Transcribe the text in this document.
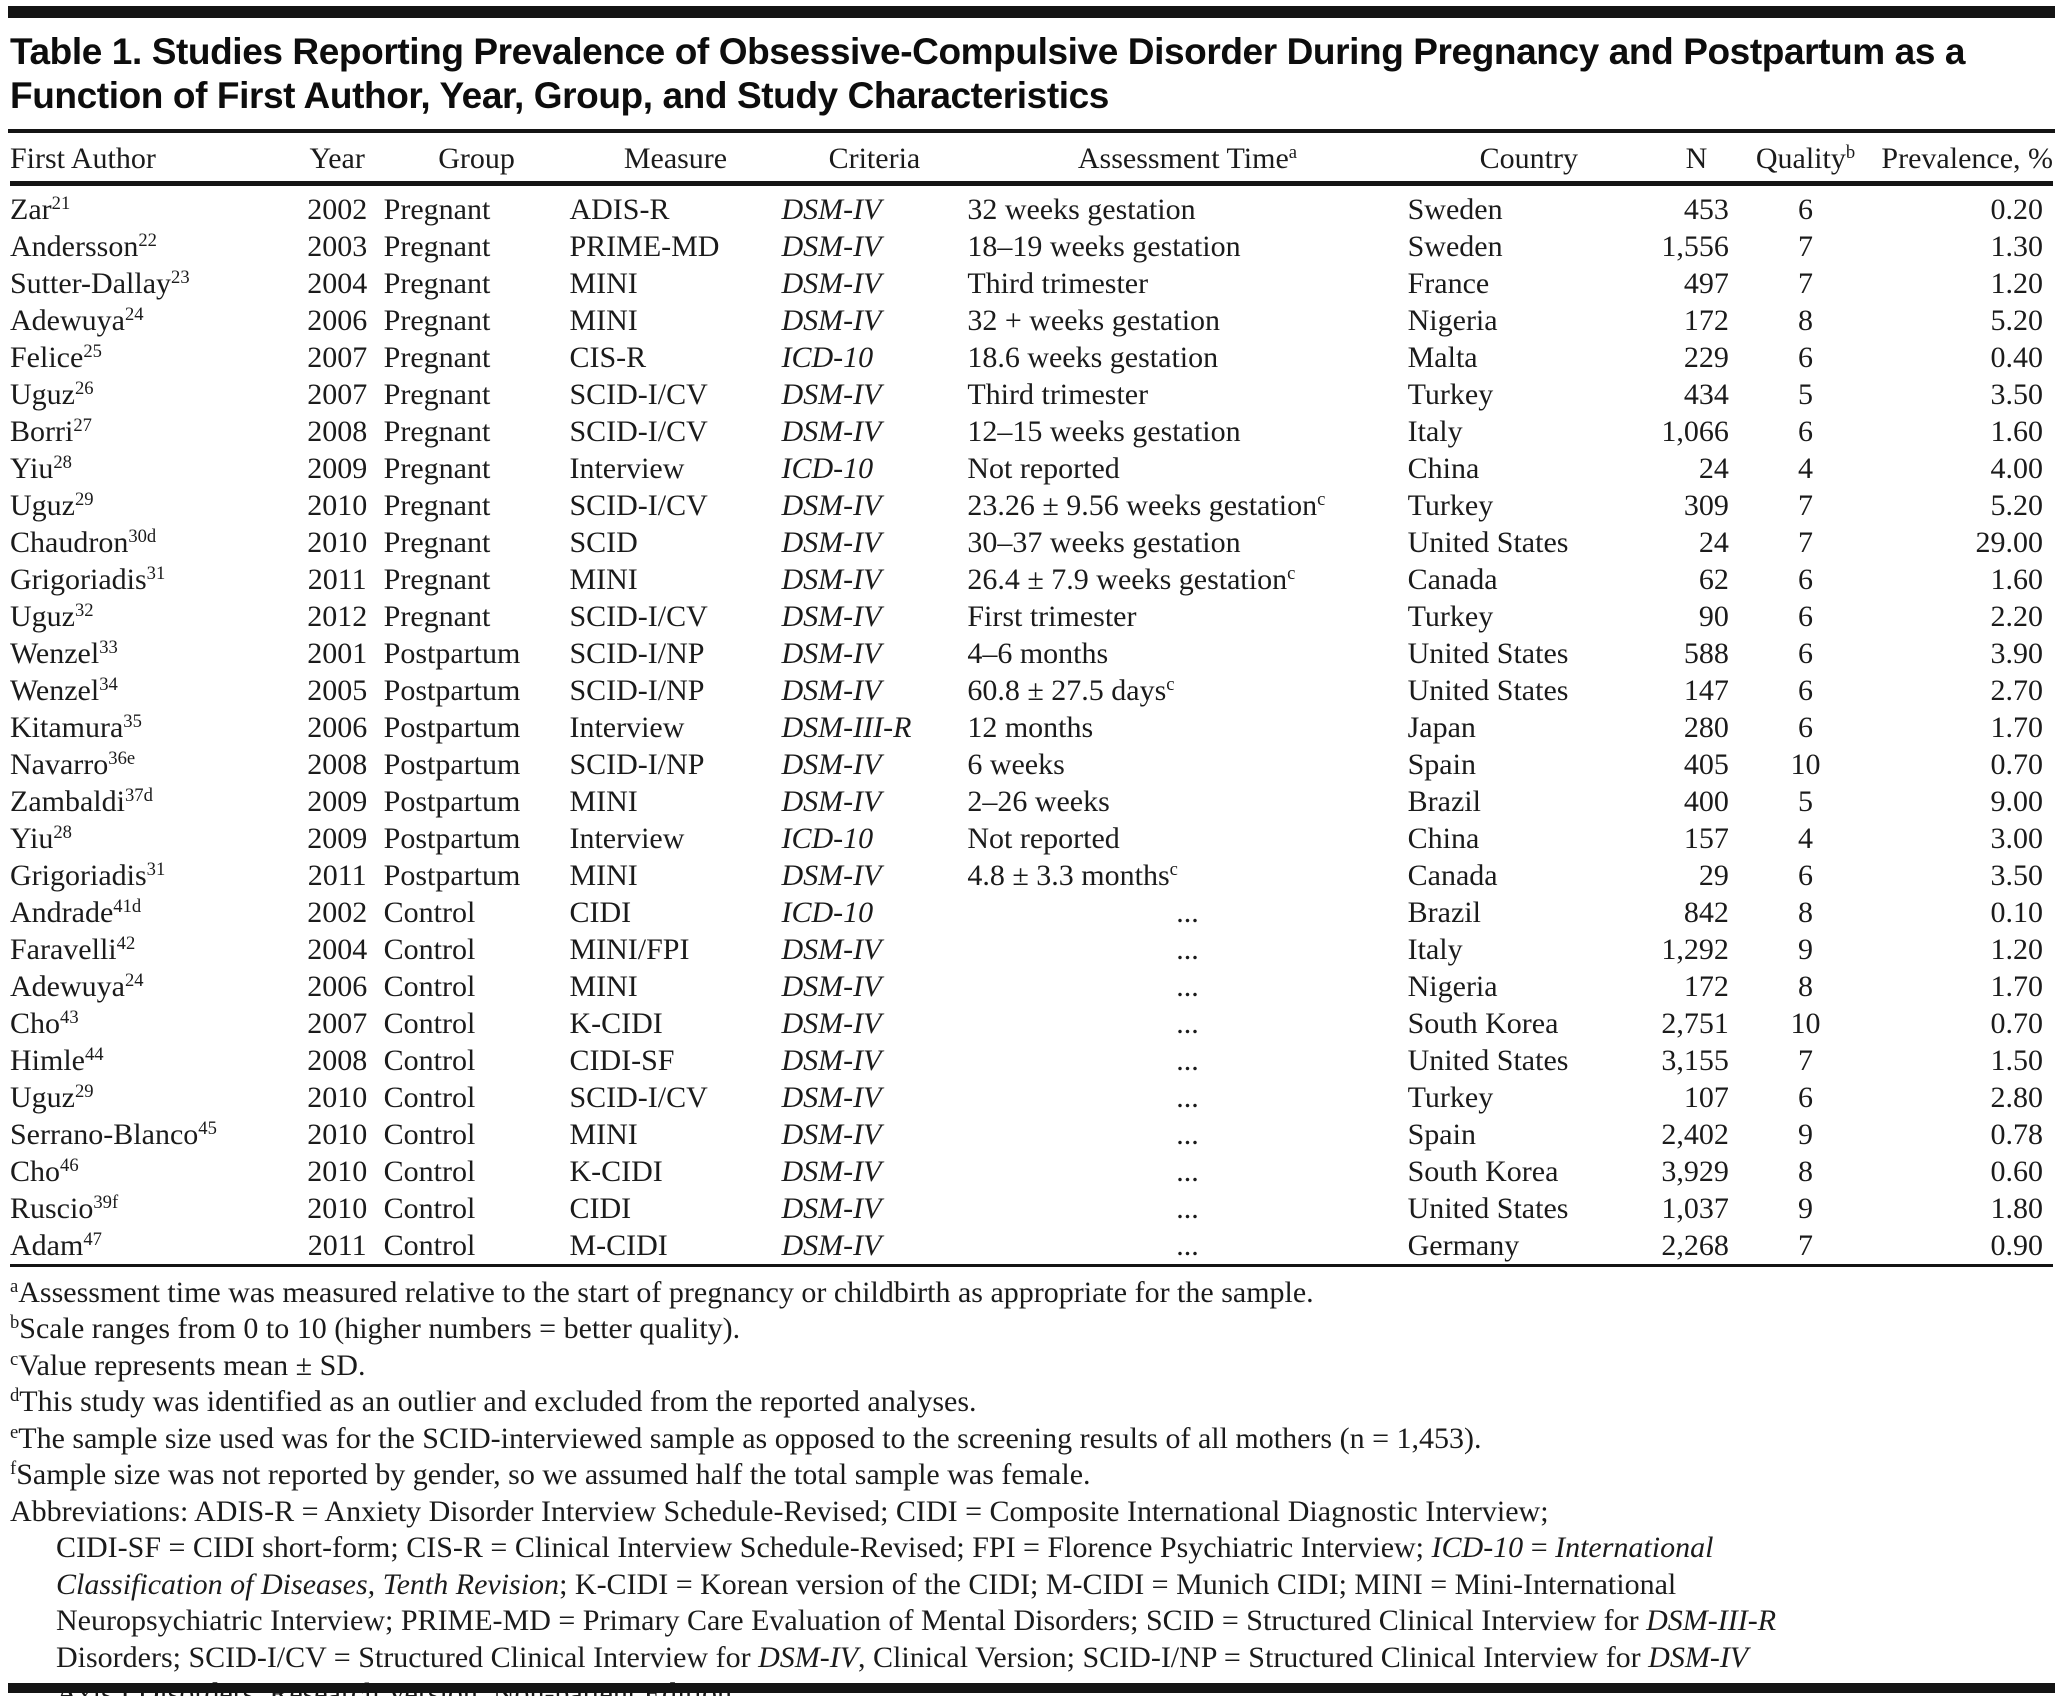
Table 1. Studies Reporting Prevalence of Obsessive-Compulsive Disorder During Pregnancy and Postpartum as a Function of First Author, Year, Group, and Study Characteristics
First Author	Year	Group	Measure	Criteria	Assessment Time$^a$	Country	N	Quality$^b$	Prevalence, %
Zar$^{21}$	2002	Pregnant	ADIS-R	DSM-IV	32 weeks gestation	Sweden	453	6	0.20
Andersson$^{22}$	2003	Pregnant	PRIME-MD	DSM-IV	18–19 weeks gestation	Sweden	1,556	7	1.30
Sutter-Dallay$^{23}$	2004	Pregnant	MINI	DSM-IV	Third trimester	France	497	7	1.20
Adewuya$^{24}$	2006	Pregnant	MINI	DSM-IV	32 + weeks gestation	Nigeria	172	8	5.20
Felice$^{25}$	2007	Pregnant	CIS-R	ICD-10	18.6 weeks gestation	Malta	229	6	0.40
Uguz$^{26}$	2007	Pregnant	SCID-I/CV	DSM-IV	Third trimester	Turkey	434	5	3.50
Borri$^{27}$	2008	Pregnant	SCID-I/CV	DSM-IV	12–15 weeks gestation	Italy	1,066	6	1.60
Yiu$^{28}$	2009	Pregnant	Interview	ICD-10	Not reported	China	24	4	4.00
Uguz$^{29}$	2010	Pregnant	SCID-I/CV	DSM-IV	23.26 ± 9.56 weeks gestation$^c$	Turkey	309	7	5.20
Chaudron$^{30d}$	2010	Pregnant	SCID	DSM-IV	30–37 weeks gestation	United States	24	7	29.00
Grigoriadis$^{31}$	2011	Pregnant	MINI	DSM-IV	26.4 ± 7.9 weeks gestation$^c$	Canada	62	6	1.60
Uguz$^{32}$	2012	Pregnant	SCID-I/CV	DSM-IV	First trimester	Turkey	90	6	2.20
Wenzel$^{33}$	2001	Postpartum	SCID-I/NP	DSM-IV	4–6 months	United States	588	6	3.90
Wenzel$^{34}$	2005	Postpartum	SCID-I/NP	DSM-IV	60.8 ± 27.5 days$^c$	United States	147	6	2.70
Kitamura$^{35}$	2006	Postpartum	Interview	DSM-III-R	12 months	Japan	280	6	1.70
Navarro$^{36e}$	2008	Postpartum	SCID-I/NP	DSM-IV	6 weeks	Spain	405	10	0.70
Zambaldi$^{37d}$	2009	Postpartum	MINI	DSM-IV	2–26 weeks	Brazil	400	5	9.00
Yiu$^{28}$	2009	Postpartum	Interview	ICD-10	Not reported	China	157	4	3.00
Grigoriadis$^{31}$	2011	Postpartum	MINI	DSM-IV	4.8 ± 3.3 months$^c$	Canada	29	6	3.50
Andrade$^{41d}$	2002	Control	CIDI	ICD-10	...	Brazil	842	8	0.10
Faravelli$^{42}$	2004	Control	MINI/FPI	DSM-IV	...	Italy	1,292	9	1.20
Adewuya$^{24}$	2006	Control	MINI	DSM-IV	...	Nigeria	172	8	1.70
Cho$^{43}$	2007	Control	K-CIDI	DSM-IV	...	South Korea	2,751	10	0.70
Himle$^{44}$	2008	Control	CIDI-SF	DSM-IV	...	United States	3,155	7	1.50
Uguz$^{29}$	2010	Control	SCID-I/CV	DSM-IV	...	Turkey	107	6	2.80
Serrano-Blanco$^{45}$	2010	Control	MINI	DSM-IV	...	Spain	2,402	9	0.78
Cho$^{46}$	2010	Control	K-CIDI	DSM-IV	...	South Korea	3,929	8	0.60
Ruscio$^{39f}$	2010	Control	CIDI	DSM-IV	...	United States	1,037	9	1.80
Adam$^{47}$	2011	Control	M-CIDI	DSM-IV	...	Germany	2,268	7	0.90
$^a$Assessment time was measured relative to the start of pregnancy or childbirth as appropriate for the sample.
$^b$Scale ranges from 0 to 10 (higher numbers = better quality).
$^c$Value represents mean ± SD.
$^d$This study was identified as an outlier and excluded from the reported analyses.
$^e$The sample size used was for the SCID-interviewed sample as opposed to the screening results of all mothers (n = 1,453).
$^f$Sample size was not reported by gender, so we assumed half the total sample was female.
Abbreviations: ADIS-R = Anxiety Disorder Interview Schedule-Revised; CIDI = Composite International Diagnostic Interview;
CIDI-SF = CIDI short-form; CIS-R = Clinical Interview Schedule-Revised; FPI = Florence Psychiatric Interview; ICD-10 = International
Classification of Diseases, Tenth Revision; K-CIDI = Korean version of the CIDI; M-CIDI = Munich CIDI; MINI = Mini-International
Neuropsychiatric Interview; PRIME-MD = Primary Care Evaluation of Mental Disorders; SCID = Structured Clinical Interview for DSM-III-R
Disorders; SCID-I/CV = Structured Clinical Interview for DSM-IV, Clinical Version; SCID-I/NP = Structured Clinical Interview for DSM-IV
